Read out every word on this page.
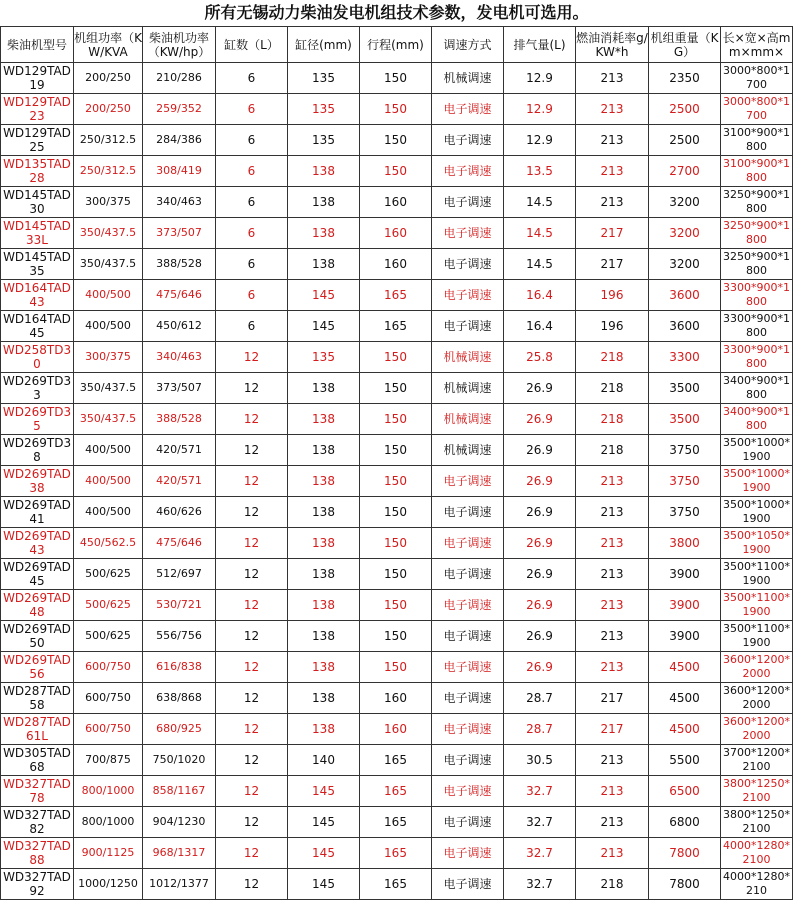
所有无锡动力柴油发电机组技术参数，发电机可选用。
柴油机型号	机组功率（KW/KVA	柴油机功率（KW/hp）	缸数（L）	缸径(mm)	行程(mm)	调速方式	排气量(L)	燃油消耗率g/KW*h	机组重量（KG）	长×宽×高mm×mm×
WD129TAD19	200/250	210/286	6	135	150	机械调速	12.9	213	2350	3000*800*1700
WD129TAD23	200/250	259/352	6	135	150	电子调速	12.9	213	2500	3000*800*1700
WD129TAD25	250/312.5	284/386	6	135	150	电子调速	12.9	213	2500	3100*900*1800
WD135TAD28	250/312.5	308/419	6	138	150	电子调速	13.5	213	2700	3100*900*1800
WD145TAD30	300/375	340/463	6	138	160	电子调速	14.5	213	3200	3250*900*1800
WD145TAD33L	350/437.5	373/507	6	138	160	电子调速	14.5	217	3200	3250*900*1800
WD145TAD35	350/437.5	388/528	6	138	160	电子调速	14.5	217	3200	3250*900*1800
WD164TAD43	400/500	475/646	6	145	165	电子调速	16.4	196	3600	3300*900*1800
WD164TAD45	400/500	450/612	6	145	165	电子调速	16.4	196	3600	3300*900*1800
WD258TD30	300/375	340/463	12	135	150	机械调速	25.8	218	3300	3300*900*1800
WD269TD33	350/437.5	373/507	12	138	150	机械调速	26.9	218	3500	3400*900*1800
WD269TD35	350/437.5	388/528	12	138	150	机械调速	26.9	218	3500	3400*900*1800
WD269TD38	400/500	420/571	12	138	150	机械调速	26.9	218	3750	3500*1000*1900
WD269TAD38	400/500	420/571	12	138	150	电子调速	26.9	213	3750	3500*1000*1900
WD269TAD41	400/500	460/626	12	138	150	电子调速	26.9	213	3750	3500*1000*1900
WD269TAD43	450/562.5	475/646	12	138	150	电子调速	26.9	213	3800	3500*1050*1900
WD269TAD45	500/625	512/697	12	138	150	电子调速	26.9	213	3900	3500*1100*1900
WD269TAD48	500/625	530/721	12	138	150	电子调速	26.9	213	3900	3500*1100*1900
WD269TAD50	500/625	556/756	12	138	150	电子调速	26.9	213	3900	3500*1100*1900
WD269TAD56	600/750	616/838	12	138	150	电子调速	26.9	213	4500	3600*1200*2000
WD287TAD58	600/750	638/868	12	138	160	电子调速	28.7	217	4500	3600*1200*2000
WD287TAD61L	600/750	680/925	12	138	160	电子调速	28.7	217	4500	3600*1200*2000
WD305TAD68	700/875	750/1020	12	140	165	电子调速	30.5	213	5500	3700*1200*2100
WD327TAD78	800/1000	858/1167	12	145	165	电子调速	32.7	213	6500	3800*1250*2100
WD327TAD82	800/1000	904/1230	12	145	165	电子调速	32.7	213	6800	3800*1250*2100
WD327TAD88	900/1125	968/1317	12	145	165	电子调速	32.7	213	7800	4000*1280*2100
WD327TAD92	1000/1250	1012/1377	12	145	165	电子调速	32.7	218	7800	4000*1280*210
